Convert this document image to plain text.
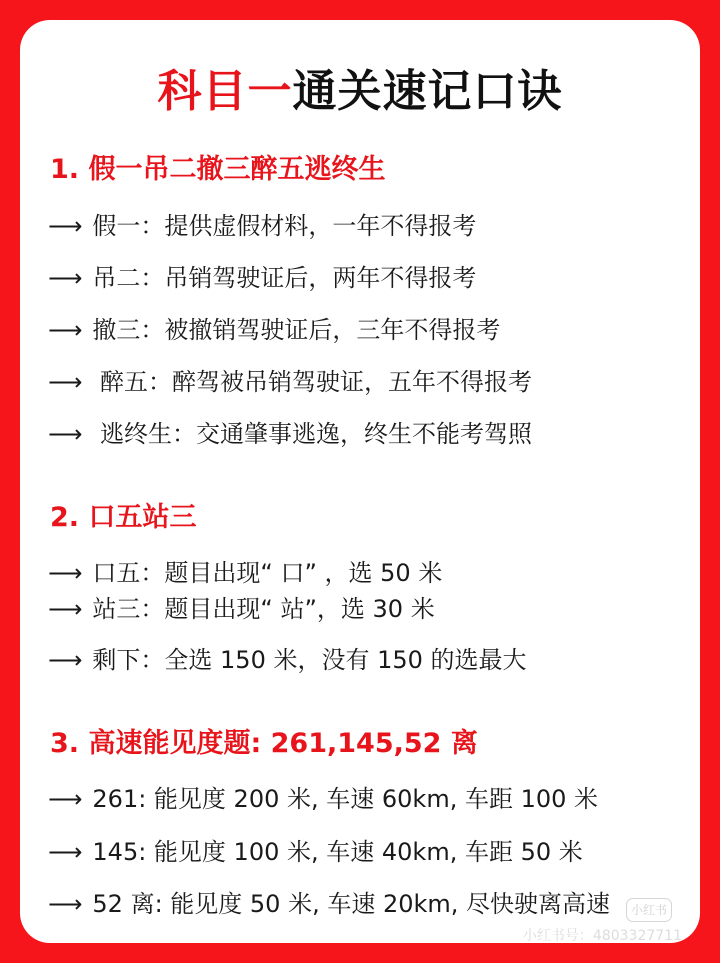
科目一通关速记口诀
1. 假一吊二撤三醉五逃终生
⟶ 假一：提供虚假材料，一年不得报考
⟶ 吊二：吊销驾驶证后，两年不得报考
⟶ 撤三：被撤销驾驶证后，三年不得报考
⟶ 醉五：醉驾被吊销驾驶证，五年不得报考
⟶ 逃终生：交通肇事逃逸，终生不能考驾照
2. 口五站三
⟶ 口五：题目出现“ 口” ，选 50 米
⟶ 站三：题目出现“ 站”，选 30 米
⟶ 剩下：全选 150 米，没有 150 的选最大
3. 高速能见度题: 261,145,52 离
⟶ 261: 能见度 200 米, 车速 60km, 车距 100 米
⟶ 145: 能见度 100 米, 车速 40km, 车距 50 米
⟶ 52 离: 能见度 50 米, 车速 20km, 尽快驶离高速	小红书
小红书号：4803327711
